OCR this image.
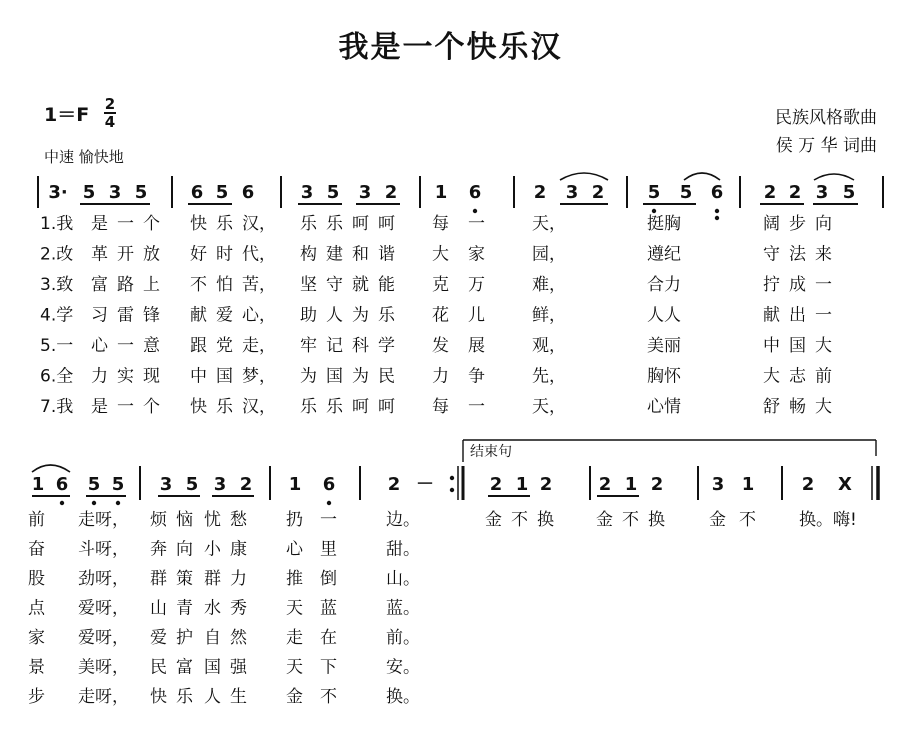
我是一个快乐汉
1＝F 2
4
中速 愉快地
民族风格歌曲
侯 万 华 词曲
3· 5 3 5 6 5 6	3 5 3 2 1 6	2 3 2 5 5 6 2 2 3 5
1.我 是 一 个 快 乐 汉， 乐 乐 呵 呵 每 一	天，	挺胸	阔 步 向
2.改 革 开 放 好 时 代， 构 建 和 谐 大 家	园，	遵纪	守 法 来
3.致 富 路 上 不 怕 苦， 坚 守 就 能 克 万	难，	合力	拧 成 一
4.学 习 雷 锋 献 爱 心， 助 人 为 乐 花 儿	鲜，	人人	献 出 一
5.一 心 一 意 跟 党 走， 牢 记 科 学 发 展	观，	美丽	中 国 大
6.全 力 实 现 中 国 梦， 为 国 为 民 力 争	先，	胸怀	大 志 前
7.我 是 一 个 快 乐 汉， 乐 乐 呵 呵 每 一	天，	心情	舒 畅 大
1 6 5 5 3 5 3 2 1 6	2 －	2 1 2	2 1 2	3 1	2 X
结束句
前 走呀， 烦 恼 忧 愁 扔 一	边。
奋 斗呀， 奔 向 小 康 心 里	甜。
股 劲呀， 群 策 群 力 推 倒	山。
点 爱呀， 山 青 水 秀 天 蓝	蓝。
家 爱呀， 爱 护 自 然 走 在	前。
景 美呀， 民 富 国 强 天 下	安。
步 走呀， 快 乐 人 生 金 不	换。
金 不 换 金 不 换	金 不	换。嗨!
